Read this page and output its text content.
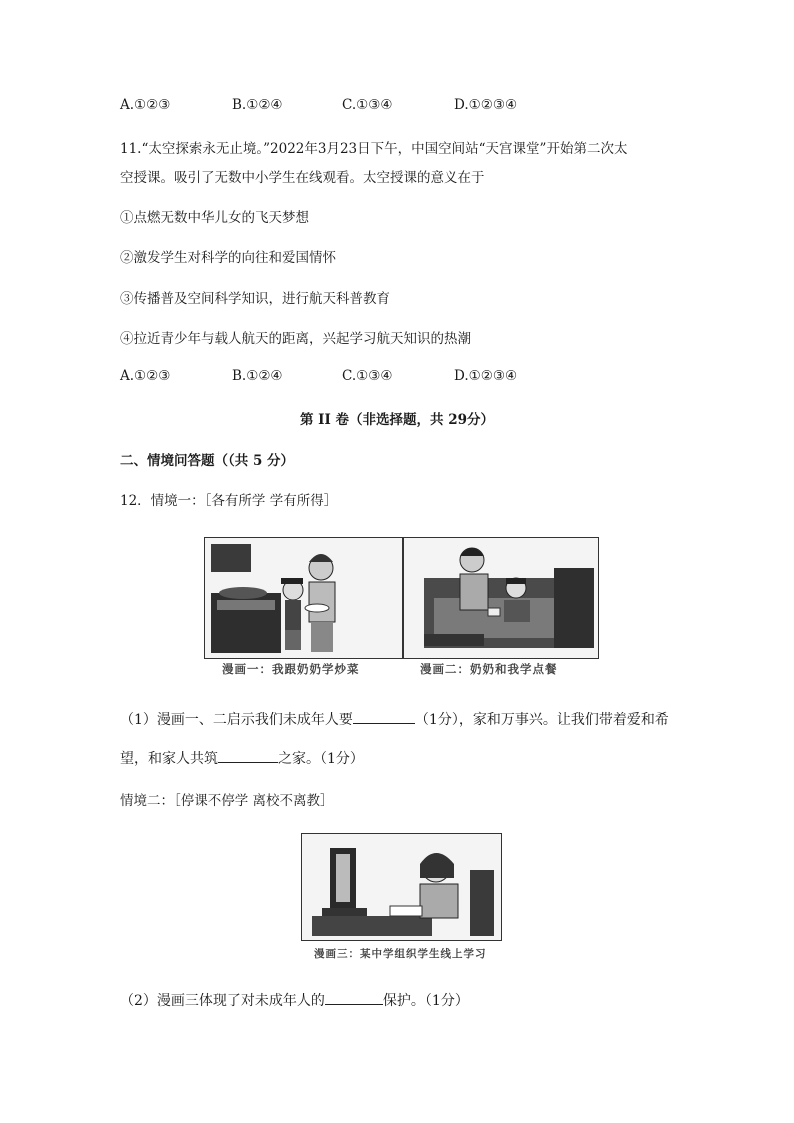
A.①②③	B.①②④	C.①③④	D.①②③④
11.“太空探索永无止境。”2022年3月23日下午，中国空间站“天宫课堂”开始第二次太
空授课。吸引了无数中小学生在线观看。太空授课的意义在于
①点燃无数中华儿女的飞天梦想
②激发学生对科学的向往和爱国情怀
③传播普及空间科学知识，进行航天科普教育
④拉近青少年与载人航天的距离，兴起学习航天知识的热潮
A.①②③	B.①②④	C.①③④	D.①②③④
第 II 卷（非选择题，共 29分）
二、情境问答题（（共 5 分）
12．情境一：［各有所学 学有所得］
漫画一：我跟奶奶学炒菜	漫画二：奶奶和我学点餐
（1）漫画一、二启示我们未成年人要	（1分），家和万事兴。让我们带着爱和希
望，和家人共筑	之家。（1分）
情境二：［停课不停学 离校不离教］
漫画三：某中学组织学生线上学习
（2）漫画三体现了对未成年人的	保护。（1分）
